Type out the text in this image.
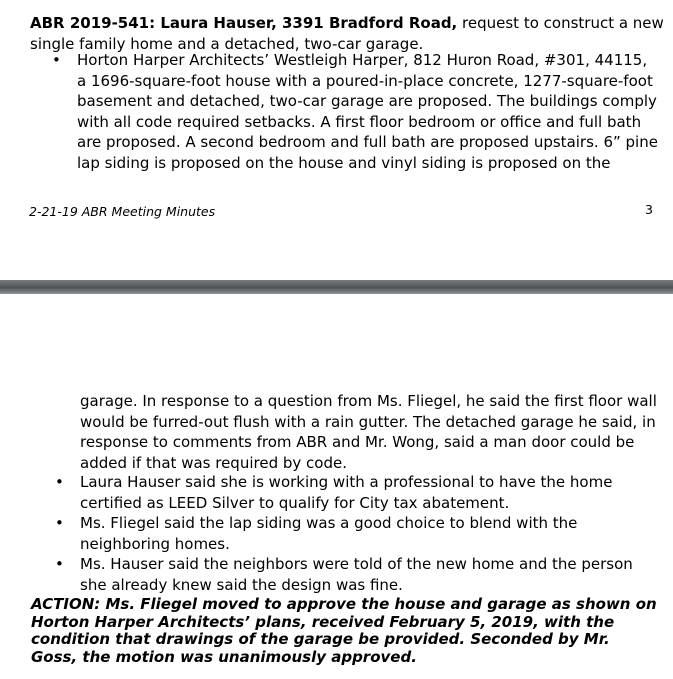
ABR 2019-541: Laura Hauser, 3391 Bradford Road, request to construct a new single family home and a detached, two-car garage.
• Horton Harper Architects’ Westleigh Harper, 812 Huron Road, #301, 44115, a 1696-square-foot house with a poured-in-place concrete, 1277-square-foot basement and detached, two-car garage are proposed. The buildings comply with all code required setbacks. A first floor bedroom or office and full bath are proposed. A second bedroom and full bath are proposed upstairs. 6” pine lap siding is proposed on the house and vinyl siding is proposed on the
2-21-19 ABR Meeting Minutes	3
garage. In response to a question from Ms. Fliegel, he said the first floor wall would be furred-out flush with a rain gutter. The detached garage he said, in response to comments from ABR and Mr. Wong, said a man door could be added if that was required by code.
• Laura Hauser said she is working with a professional to have the home certified as LEED Silver to qualify for City tax abatement.
• Ms. Fliegel said the lap siding was a good choice to blend with the neighboring homes.
• Ms. Hauser said the neighbors were told of the new home and the person she already knew said the design was fine.
ACTION: Ms. Fliegel moved to approve the house and garage as shown on Horton Harper Architects’ plans, received February 5, 2019, with the condition that drawings of the garage be provided. Seconded by Mr. Goss, the motion was unanimously approved.
